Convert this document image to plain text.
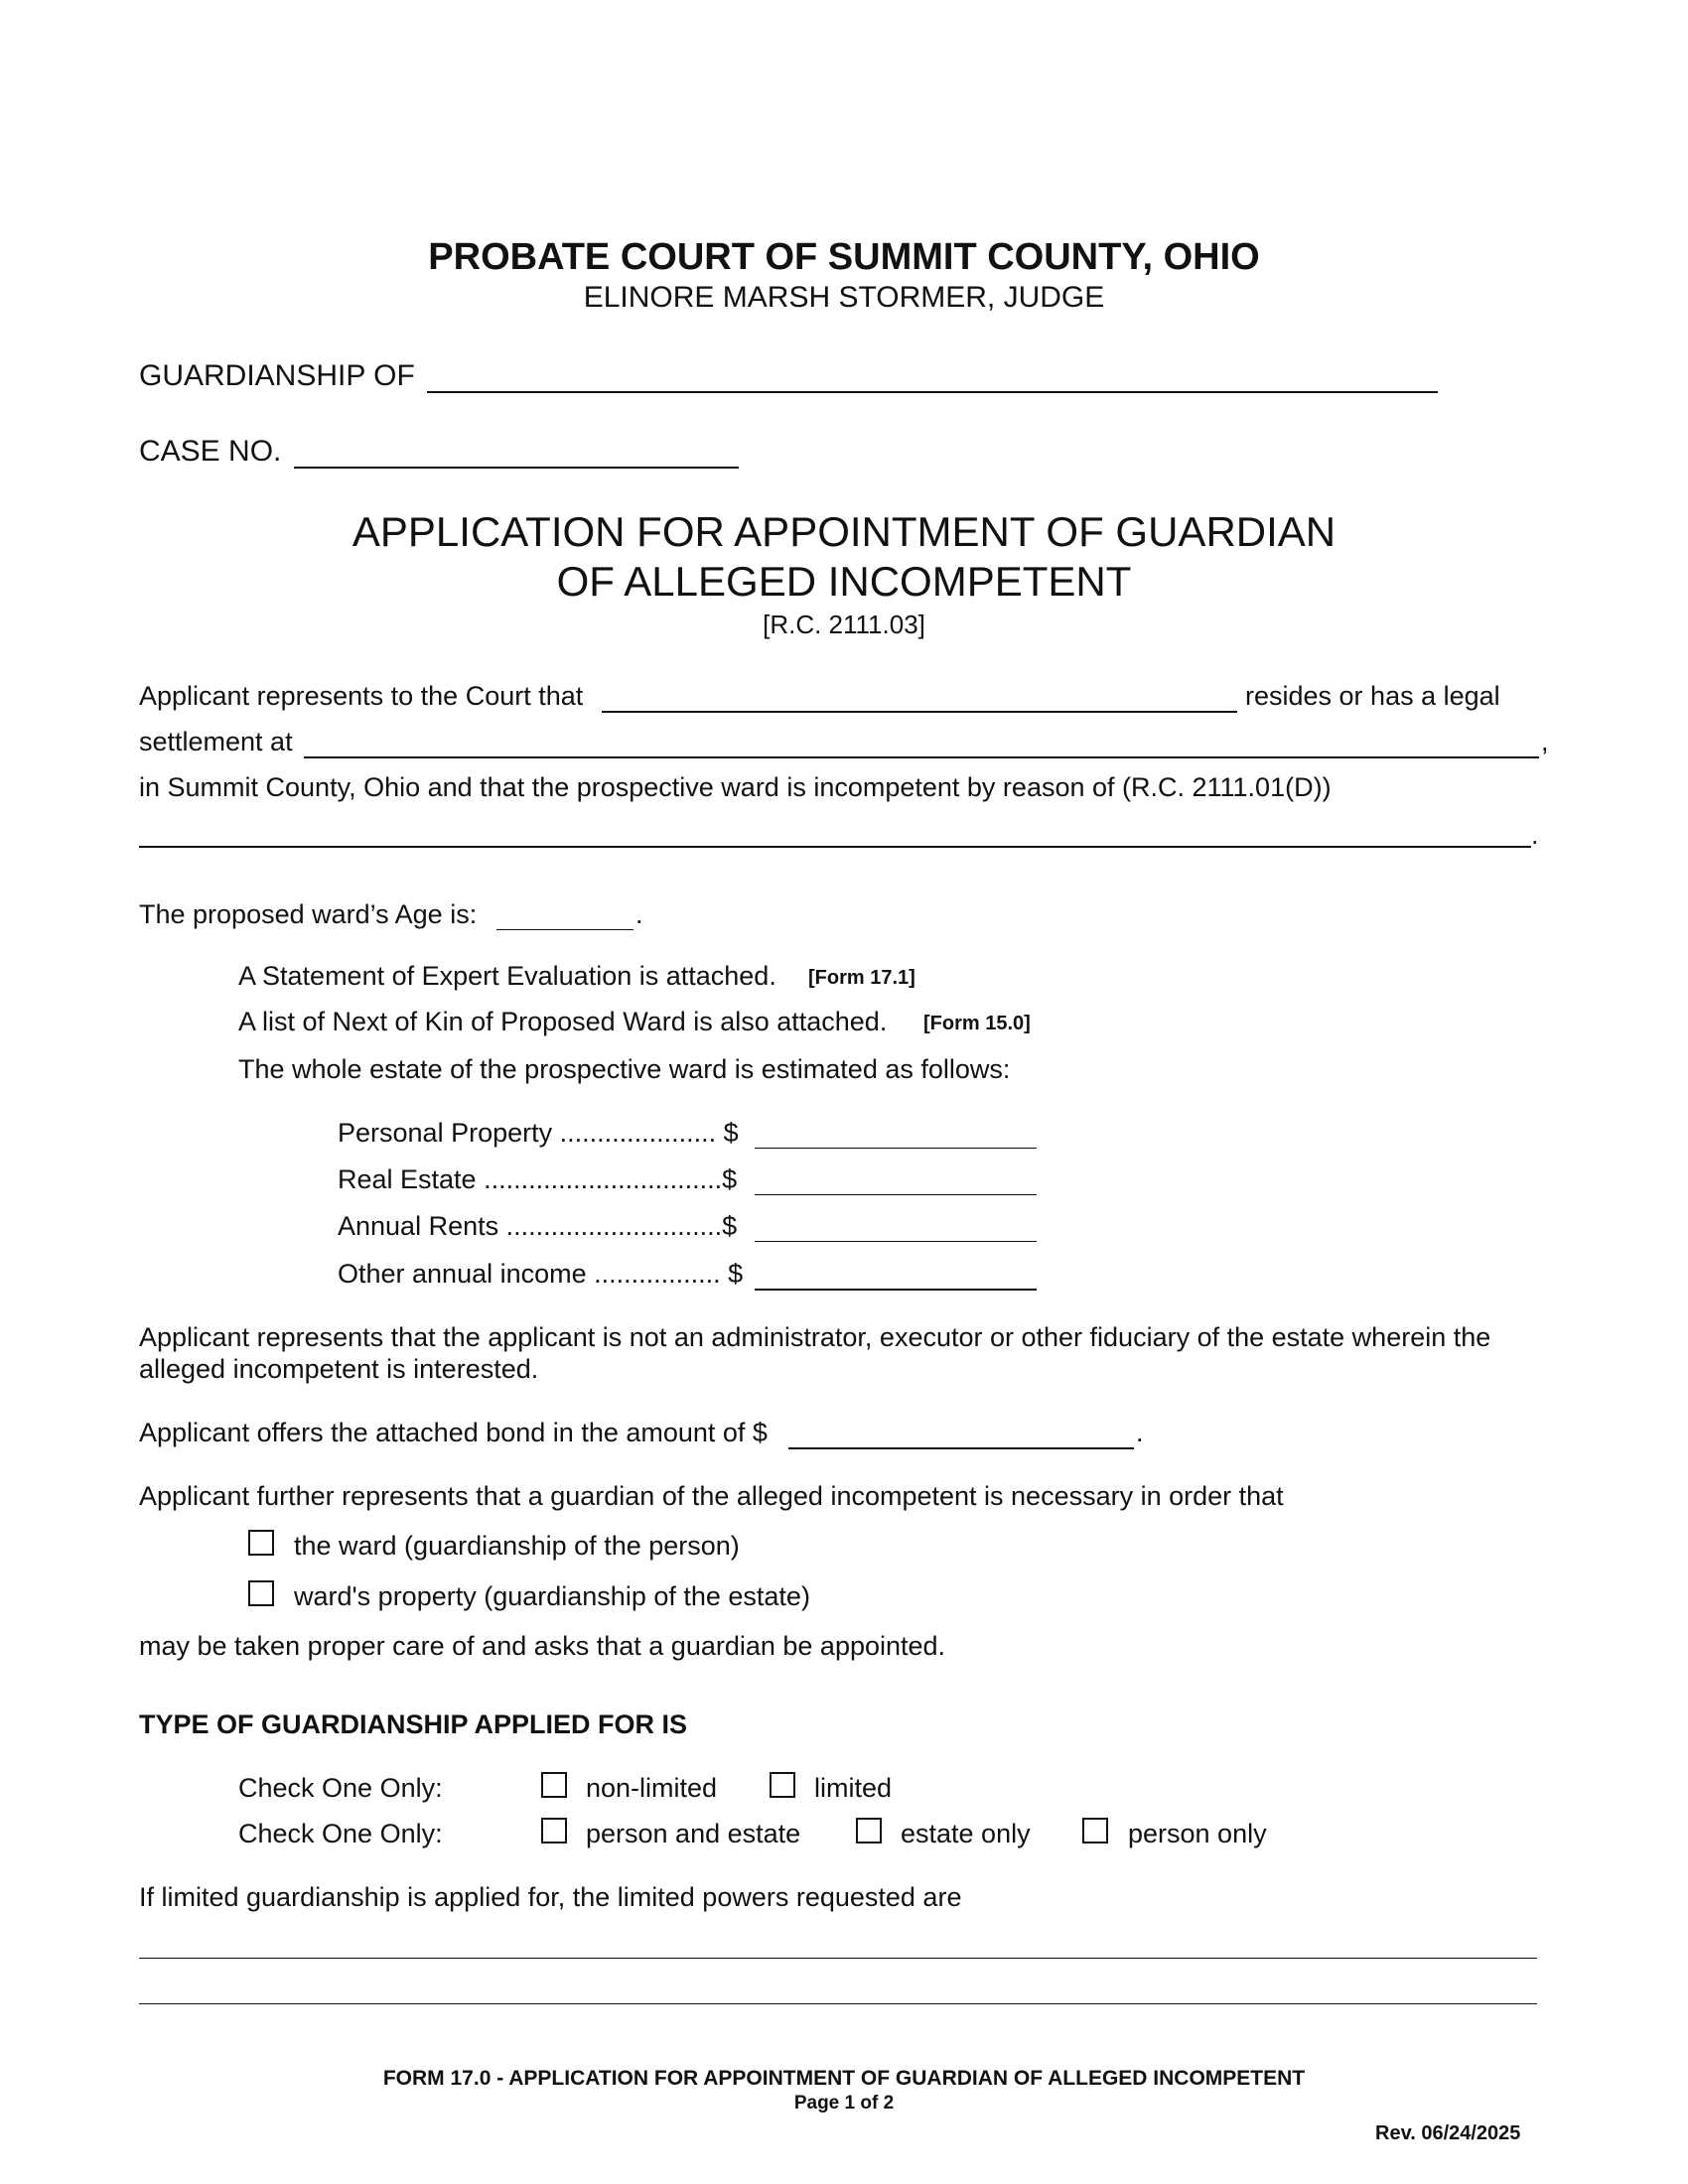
PROBATE COURT OF SUMMIT COUNTY, OHIO
ELINORE MARSH STORMER, JUDGE
GUARDIANSHIP OF
CASE NO.
APPLICATION FOR APPOINTMENT OF GUARDIAN
OF ALLEGED INCOMPETENT
[R.C. 2111.03]
Applicant represents to the Court that	resides or has a legal
settlement at	,
in Summit County, Ohio and that the prospective ward is incompetent by reason of (R.C. 2111.01(D))
.
The proposed ward’s Age is:	.
A Statement of Expert Evaluation is attached. [Form 17.1]
A list of Next of Kin of Proposed Ward is also attached. [Form 15.0]
The whole estate of the prospective ward is estimated as follows:
Personal Property ..................... $
Real Estate ................................$
Annual Rents .............................$
Other annual income ................. $
Applicant represents that the applicant is not an administrator, executor or other fiduciary of the estate wherein the
alleged incompetent is interested.
Applicant offers the attached bond in the amount of $	.
Applicant further represents that a guardian of the alleged incompetent is necessary in order that
the ward (guardianship of the person)
ward's property (guardianship of the estate)
may be taken proper care of and asks that a guardian be appointed.
TYPE OF GUARDIANSHIP APPLIED FOR IS
Check One Only:	non-limited	limited
Check One Only:	person and estate	estate only	person only
If limited guardianship is applied for, the limited powers requested are
FORM 17.0 - APPLICATION FOR APPOINTMENT OF GUARDIAN OF ALLEGED INCOMPETENT
Page 1 of 2
Rev. 06/24/2025
